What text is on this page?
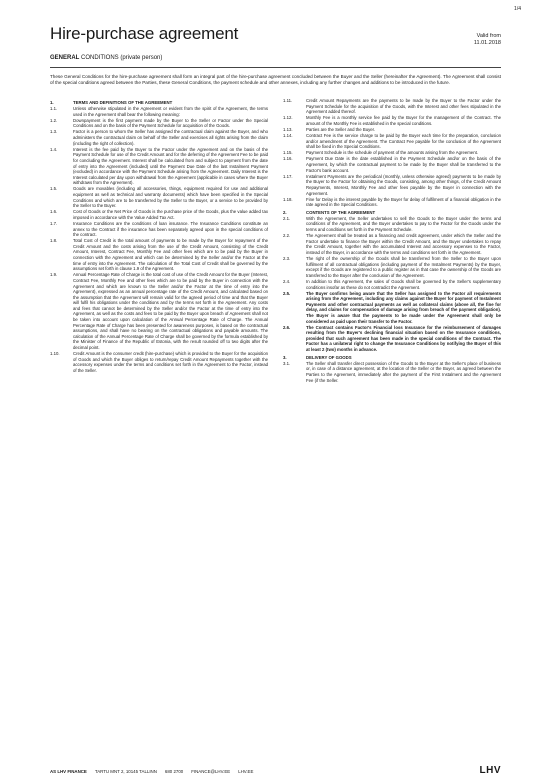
1/4
Hire-purchase agreement	Valid from
11.01.2018
GENERAL CONDITIONS (private person)
These General Conditions for the hire-purchase agreement shall form an integral part of the hire-purchase agreement concluded between the Buyer and the Seller (hereinafter the Agreement). The Agreement shall consist of the special conditions agreed between the Parties, these General Conditions, the payment schedule and other annexes, including any further changes and additions to be introduced in the future.
1.	TERMS AND DEFINITIONS OF THE AGREEMENT
1.1.	Unless otherwise stipulated in the Agreement or evident from the spirit of the Agreement, the terms used in the Agreement shall bear the following meaning:
1.2.	Downpayment is the first payment made by the Buyer to the Seller or Factor under the Special Conditions and on the basis of the Payment Schedule for acquisition of the Goods.
1.3.	Factor is a person to whom the Seller has assigned the contractual claim against the Buyer, and who administers the contractual claim on behalf of the Seller and exercises all rights arising from the claim (including the right of collection).
1.4.	Interest is the fee paid by the Buyer to the Factor under the Agreement and on the basis of the Payment Schedule for use of the Credit Amount and for the deferring of the Agreement Fee to be paid for concluding the Agreement. Interest shall be calculated from and subject to payment from the date of entry into the Agreement (included) until the Payment Due Date of the last Instalment Payment (excluded) in accordance with the Payment Schedule arising from the Agreement. Daily Interest is the Interest calculated per day upon withdrawal from the Agreement (applicable in cases where the Buyer withdraws from the Agreement).
1.5.	Goods are movables (including all accessories, things, equipment required for use and additional equipment as well as technical and warranty documents) which have been specified in the Special Conditions and which are to be transferred by the Seller to the Buyer, or a service to be provided by the Seller to the Buyer.
1.6.	Cost of Goods or the Net Price of Goods is the purchase price of the Goods, plus the value added tax imposed in accordance with the Value Added Tax Act.
1.7.	Insurance Conditions are the conditions of loan insurance. The Insurance Conditions constitute an annex to the Contract if the insurance has been separately agreed upon in the special conditions of the contract.
1.8.	Total Cost of Credit is the total amount of payments to be made by the Buyer for repayment of the Credit Amount and the costs arising from the use of the Credit Amount, consisting of the Credit Amount, Interest, Contract Fee, Monthly Fee and other fees which are to be paid by the Buyer in connection with the Agreement and which can be determined by the Seller and/or the Factor at the time of entry into the Agreement. The calculation of the Total Cost of Credit shall be governed by the assumptions set forth in clause 1.9 of the Agreement.
1.9.	Annual Percentage Rate of Charge is the total cost of use of the Credit Amount for the Buyer (Interest, Contract Fee, Monthly Fee and other fees which are to be paid by the Buyer in connection with the Agreement and which are known to the Seller and/or the Factor at the time of entry into the Agreement), expressed as an annual percentage rate of the Credit Amount, and calculated based on the assumption that the Agreement will remain valid for the agreed period of time and that the Buyer will fulfil his obligations under the conditions and by the terms set forth in the Agreement. Any costs and fees that cannot be determined by the Seller and/or the Factor at the time of entry into the Agreement, as well as the costs and fees to be paid by the Buyer upon breach of Agreement shall not be taken into account upon calculation of the Annual Percentage Rate of Charge. The Annual Percentage Rate of Charge has been presented for awareness purposes, is based on the contractual assumptions, and shall have no bearing on the contractual obligations and payable amounts. The calculation of the Annual Percentage Rate of Charge shall be governed by the formula established by the Minister of Finance of the Republic of Estonia, with the result rounded off to two digits after the decimal point.
1.10.	Credit Amount is the consumer credit (hire-purchase) which is provided to the Buyer for the acquisition of Goods and which the Buyer obliges to return/repay Credit Amount Repayments together with the accessory expenses under the terms and conditions set forth in the Agreement to the Factor, instead of the Seller.
1.11.	Credit Amount Repayments are the payments to be made by the Buyer to the Factor under the Payment Schedule for the acquisition of the Goods, with the Interest and other fees stipulated in the Agreement added thereof.
1.12.	Monthly Fee is a monthly service fee paid by the Buyer for the management of the Contract. The amount of the Monthly Fee is established in the special conditions.
1.13.	Parties are the Seller and the Buyer.
1.14.	Contract Fee is the service charge to be paid by the Buyer each time for the preparation, conclusion and/or amendment of the Agreement. The Contract Fee payable for the conclusion of the Agreement shall be fixed in the Special Conditions.
1.15.	Payment Schedule is the schedule of payment of the amounts arising from the Agreement.
1.16.	Payment Due Date is the date established in the Payment Schedule and/or on the basis of the Agreement, by which the contractual payment to be made by the Buyer shall be transferred to the Factor's bank account.
1.17.	Instalment Payments are the periodical (monthly, unless otherwise agreed) payments to be made by the Buyer to the Factor for obtaining the Goods, consisting, among other things, of the Credit Amount Repayments, Interest, Monthly Fee and other fees payable by the Buyer in connection with the Agreement.
1.18.	Fine for Delay is the interest payable by the Buyer for delay of fulfilment of a financial obligation in the rate agreed in the Special Conditions.
2.	CONTENTS OF THE AGREEMENT
2.1.	With the Agreement, the Seller undertakes to sell the Goods to the Buyer under the terms and conditions of the Agreement, and the Buyer undertakes to pay to the Factor for the Goods under the terms and conditions set forth in the Payment Schedule.
2.2.	The Agreement shall be treated as a financing and credit agreement, under which the Seller and the Factor undertake to finance the Buyer within the Credit Amount, and the Buyer undertakes to repay the Credit Amount, together with the accumulated Interest and accessory expenses to the Factor, instead of the Buyer, in accordance with the terms and conditions set forth in the Agreement.
2.3.	The right of the ownership of the Goods shall be transferred from the Seller to the Buyer upon fulfilment of all contractual obligations (including payment of the Instalment Payments) by the Buyer, except if the Goods are registered to a public register as in that case the ownership of the Goods are transferred to the Buyer after the conclusion of the Agreement.
2.4.	In addition to this Agreement, the sales of Goods shall be governed by the Seller's supplementary conditions insofar as these do not contradict the Agreement.
2.5.	The Buyer confirms being aware that the Seller has assigned to the Factor all requirements arising from the Agreement, including any claims against the Buyer for payment of Instalment Payments and other contractual payments as well as collateral claims (above all, the fine for delay, and claims for compensation of damage arising from breach of the payment obligation). The Buyer is aware that the payments to be made under the Agreement shall only be considered as paid upon their transfer to the Factor.
2.6.	The Contract contains Factor's Financial loss Insurance for the reimbursement of damages resulting from the Buyer's declining financial situation based on the Insurance conditions, provided that such agreement has been made in the special conditions of the Contract. The Factor has a unilateral right to change the Insurance Conditions by notifying the Buyer of this at least 2 (two) months in advance.
3.	DELIVERY OF GOODS
3.1.	The Seller shall transfer direct possession of the Goods to the Buyer at the Seller's place of business or, in case of a distance agreement, at the location of the Seller or the Buyer, as agreed between the Parties to the Agreement, immediately after the payment of the First Instalment and the Agreement Fee (if the Seller.
AS LHV FINANCE TARTU MNT 2, 10145 TALLINN 680 2700 FINANCE@LHV.EE LHV.EE	LHV
